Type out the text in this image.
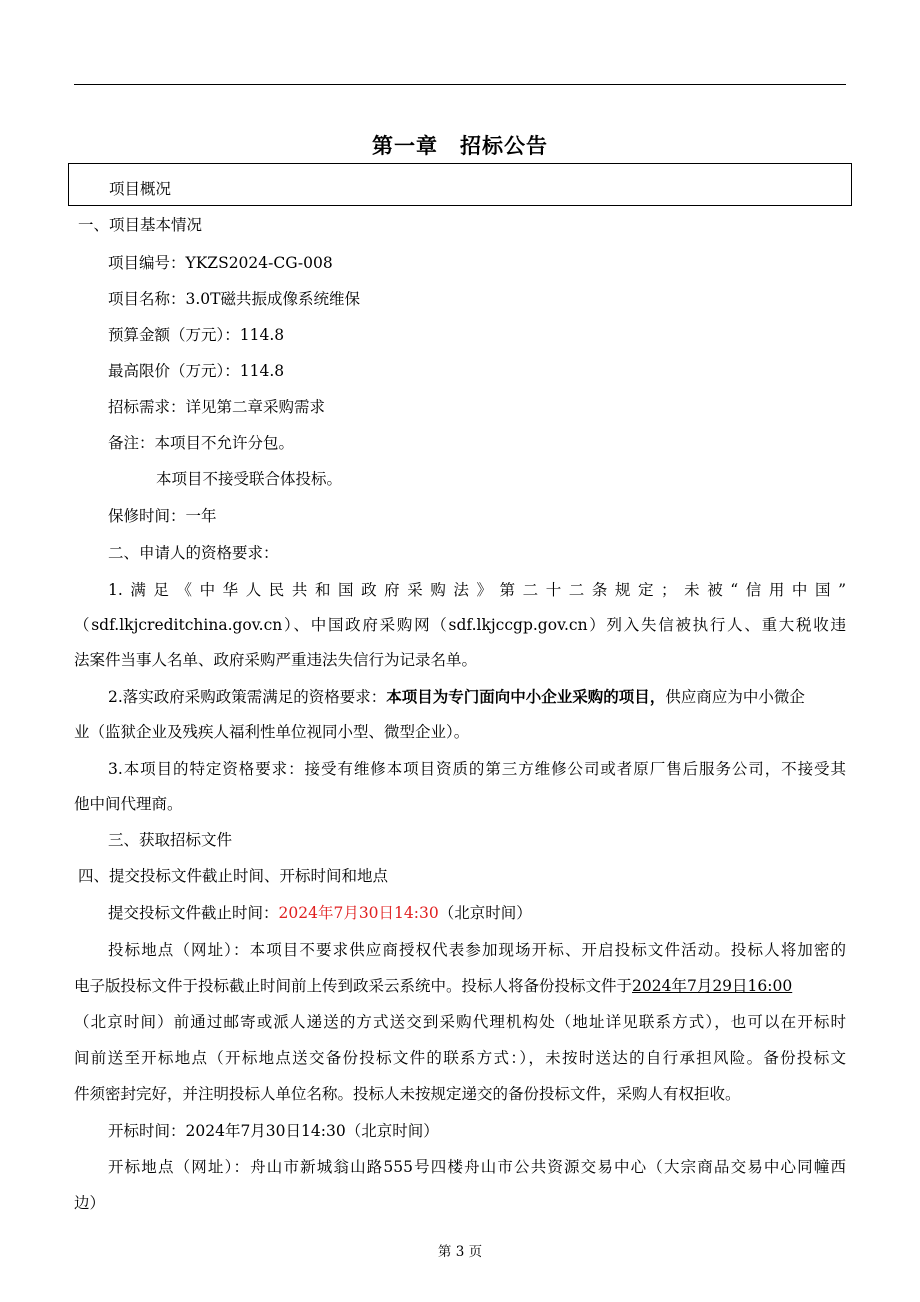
第一章　招标公告
项目概况
一、项目基本情况
项目编号：YKZS2024-CG-008
项目名称：3.0T磁共振成像系统维保
预算金额（万元）：114.8
最高限价（万元）：114.8
招标需求：详见第二章采购需求
备注：本项目不允许分包。
本项目不接受联合体投标。
保修时间：一年
二、申请人的资格要求：
1.满足《中华人民共和国政府采购法》第二十二条规定；未被“信用中国”
（sdf.lkjcreditchina.gov.cn）、中国政府采购网（sdf.lkjccgp.gov.cn）列入失信被执行人、重大税收违
法案件当事人名单、政府采购严重违法失信行为记录名单。
2.落实政府采购政策需满足的资格要求：本项目为专门面向中小企业采购的项目，供应商应为中小微企
业（监狱企业及残疾人福利性单位视同小型、微型企业）。
3.本项目的特定资格要求：接受有维修本项目资质的第三方维修公司或者原厂售后服务公司，不接受其
他中间代理商。
三、获取招标文件
四、提交投标文件截止时间、开标时间和地点
提交投标文件截止时间：2024年7月30日14:30（北京时间）
投标地点（网址）：本项目不要求供应商授权代表参加现场开标、开启投标文件活动。投标人将加密的
电子版投标文件于投标截止时间前上传到政采云系统中。投标人将备份投标文件于2024年7月29日16:00
（北京时间）前通过邮寄或派人递送的方式送交到采购代理机构处（地址详见联系方式），也可以在开标时
间前送至开标地点（开标地点送交备份投标文件的联系方式：），未按时送达的自行承担风险。备份投标文
件须密封完好，并注明投标人单位名称。投标人未按规定递交的备份投标文件，采购人有权拒收。
开标时间：2024年7月30日14:30（北京时间）
开标地点（网址）：舟山市新城翁山路555号四楼舟山市公共资源交易中心（大宗商品交易中心同幢西
边）
第 3 页
